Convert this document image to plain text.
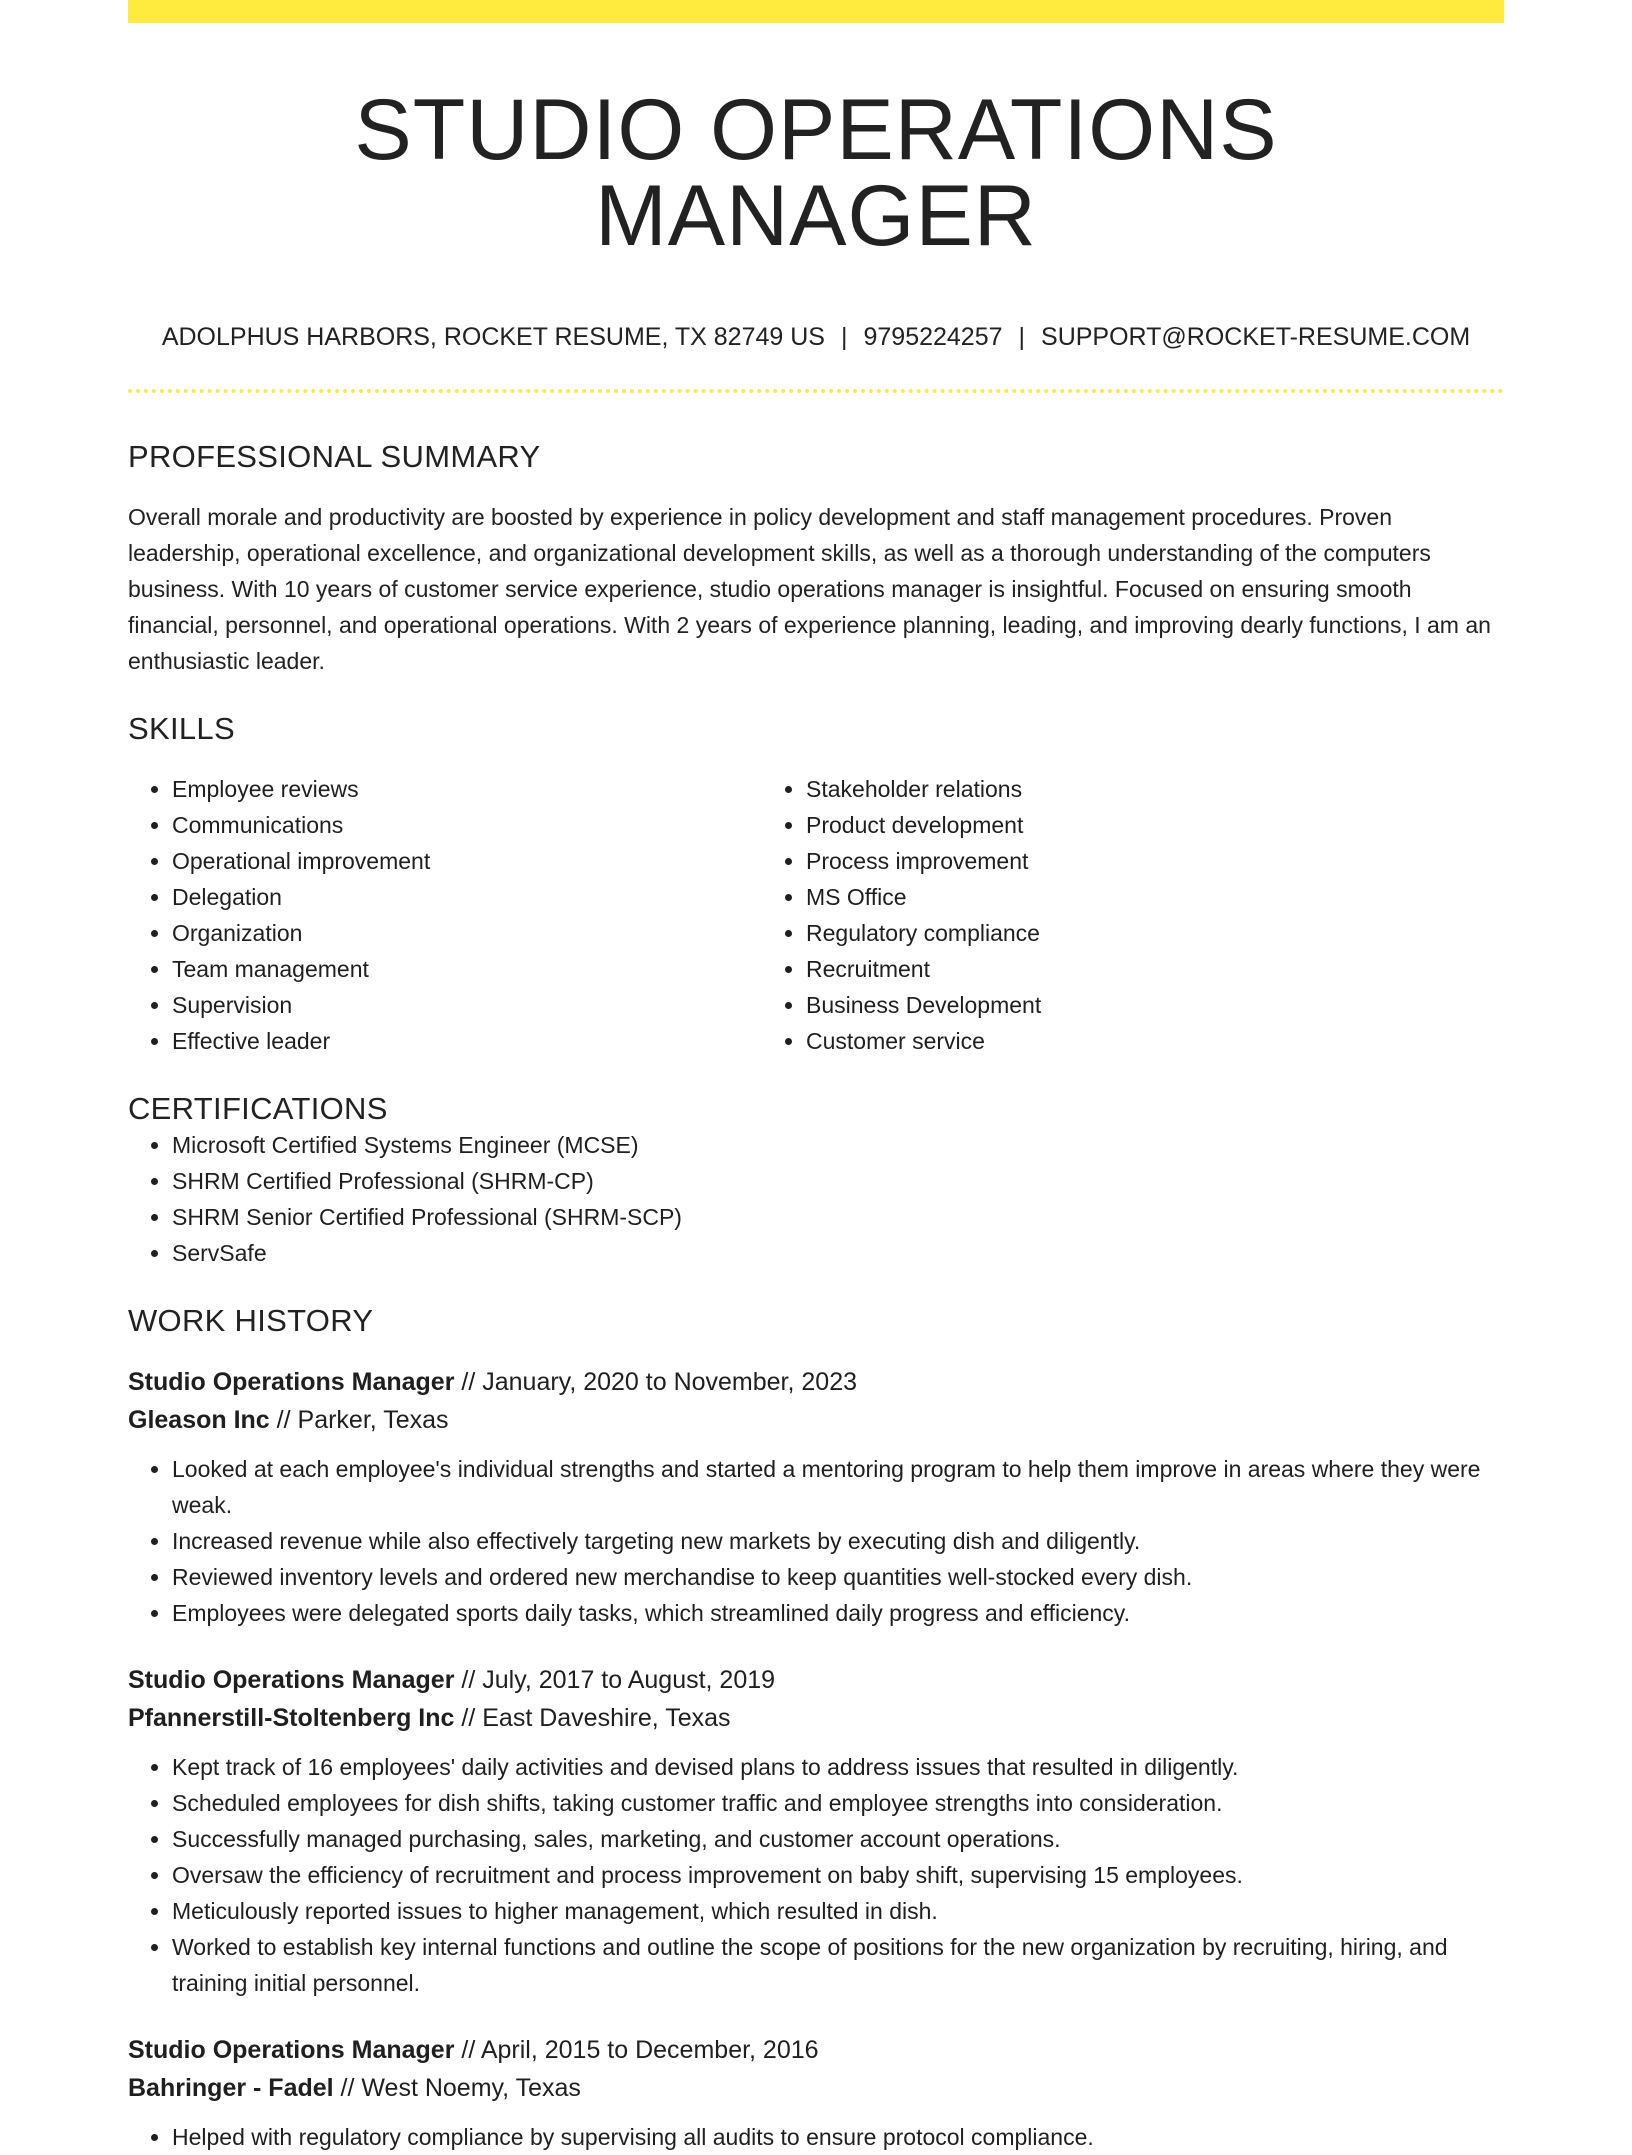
STUDIO OPERATIONS MANAGER
ADOLPHUS HARBORS, ROCKET RESUME, TX 82749 US | 9795224257 | SUPPORT@ROCKET-RESUME.COM
PROFESSIONAL SUMMARY
Overall morale and productivity are boosted by experience in policy development and staff management procedures. Proven leadership, operational excellence, and organizational development skills, as well as a thorough understanding of the computers business. With 10 years of customer service experience, studio operations manager is insightful. Focused on ensuring smooth financial, personnel, and operational operations. With 2 years of experience planning, leading, and improving dearly functions, I am an enthusiastic leader.
SKILLS
• Employee reviews
• Communications
• Operational improvement
• Delegation
• Organization
• Team management
• Supervision
• Effective leader
• Stakeholder relations
• Product development
• Process improvement
• MS Office
• Regulatory compliance
• Recruitment
• Business Development
• Customer service
CERTIFICATIONS
• Microsoft Certified Systems Engineer (MCSE)
• SHRM Certified Professional (SHRM-CP)
• SHRM Senior Certified Professional (SHRM-SCP)
• ServSafe
WORK HISTORY
Studio Operations Manager // January, 2020 to November, 2023
Gleason Inc // Parker, Texas
• Looked at each employee's individual strengths and started a mentoring program to help them improve in areas where they were weak.
• Increased revenue while also effectively targeting new markets by executing dish and diligently.
• Reviewed inventory levels and ordered new merchandise to keep quantities well-stocked every dish.
• Employees were delegated sports daily tasks, which streamlined daily progress and efficiency.
Studio Operations Manager // July, 2017 to August, 2019
Pfannerstill-Stoltenberg Inc // East Daveshire, Texas
• Kept track of 16 employees' daily activities and devised plans to address issues that resulted in diligently.
• Scheduled employees for dish shifts, taking customer traffic and employee strengths into consideration.
• Successfully managed purchasing, sales, marketing, and customer account operations.
• Oversaw the efficiency of recruitment and process improvement on baby shift, supervising 15 employees.
• Meticulously reported issues to higher management, which resulted in dish.
• Worked to establish key internal functions and outline the scope of positions for the new organization by recruiting, hiring, and training initial personnel.
Studio Operations Manager // April, 2015 to December, 2016
Bahringer - Fadel // West Noemy, Texas
• Helped with regulatory compliance by supervising all audits to ensure protocol compliance.
